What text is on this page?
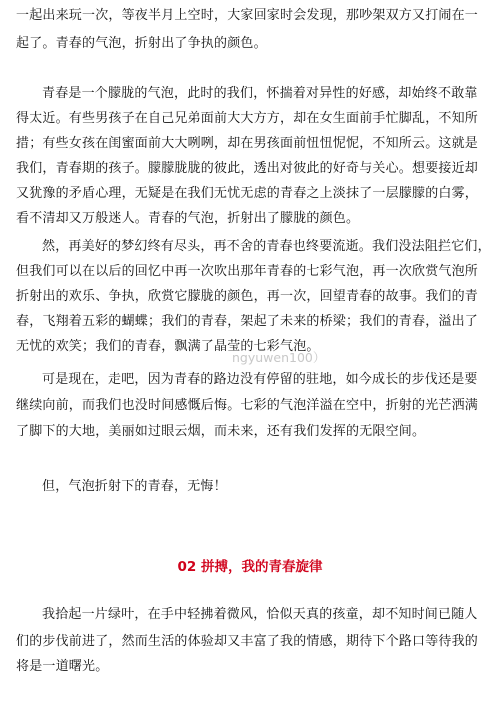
一起出来玩一次，等夜半月上空时，大家回家时会发现，那吵架双方又打闹在一
起了。青春的气泡，折射出了争执的颜色。
青春是一个朦胧的气泡，此时的我们，怀揣着对异性的好感，却始终不敢靠
得太近。有些男孩子在自己兄弟面前大大方方，却在女生面前手忙脚乱，不知所
措；有些女孩在闺蜜面前大大咧咧，却在男孩面前忸忸怩怩，不知所云。这就是
我们，青春期的孩子。朦朦胧胧的彼此，透出对彼此的好奇与关心。想要接近却
又犹豫的矛盾心理，无疑是在我们无忧无虑的青春之上淡抹了一层朦朦的白雾，
看不清却又万般迷人。青春的气泡，折射出了朦胧的颜色。
然，再美好的梦幻终有尽头，再不舍的青春也终要流逝。我们没法阻拦它们，
但我们可以在以后的回忆中再一次吹出那年青春的七彩气泡，再一次欣赏气泡所
折射出的欢乐、争执，欣赏它朦胧的颜色，再一次，回望青春的故事。我们的青
春，飞翔着五彩的蝴蝶；我们的青春，架起了未来的桥梁；我们的青春，溢出了
无忧的欢笑；我们的青春，飘满了晶莹的七彩气泡。
ngyuwen100）
可是现在，走吧，因为青春的路边没有停留的驻地，如今成长的步伐还是要
继续向前，而我们也没时间感慨后悔。七彩的气泡洋溢在空中，折射的光芒洒满
了脚下的大地，美丽如过眼云烟，而未来，还有我们发挥的无限空间。
但，气泡折射下的青春，无悔！
02 拼搏，我的青春旋律
我拾起一片绿叶，在手中轻拂着微风，恰似天真的孩童，却不知时间已随人
们的步伐前进了，然而生活的体验却又丰富了我的情感，期待下个路口等待我的
将是一道曙光。
